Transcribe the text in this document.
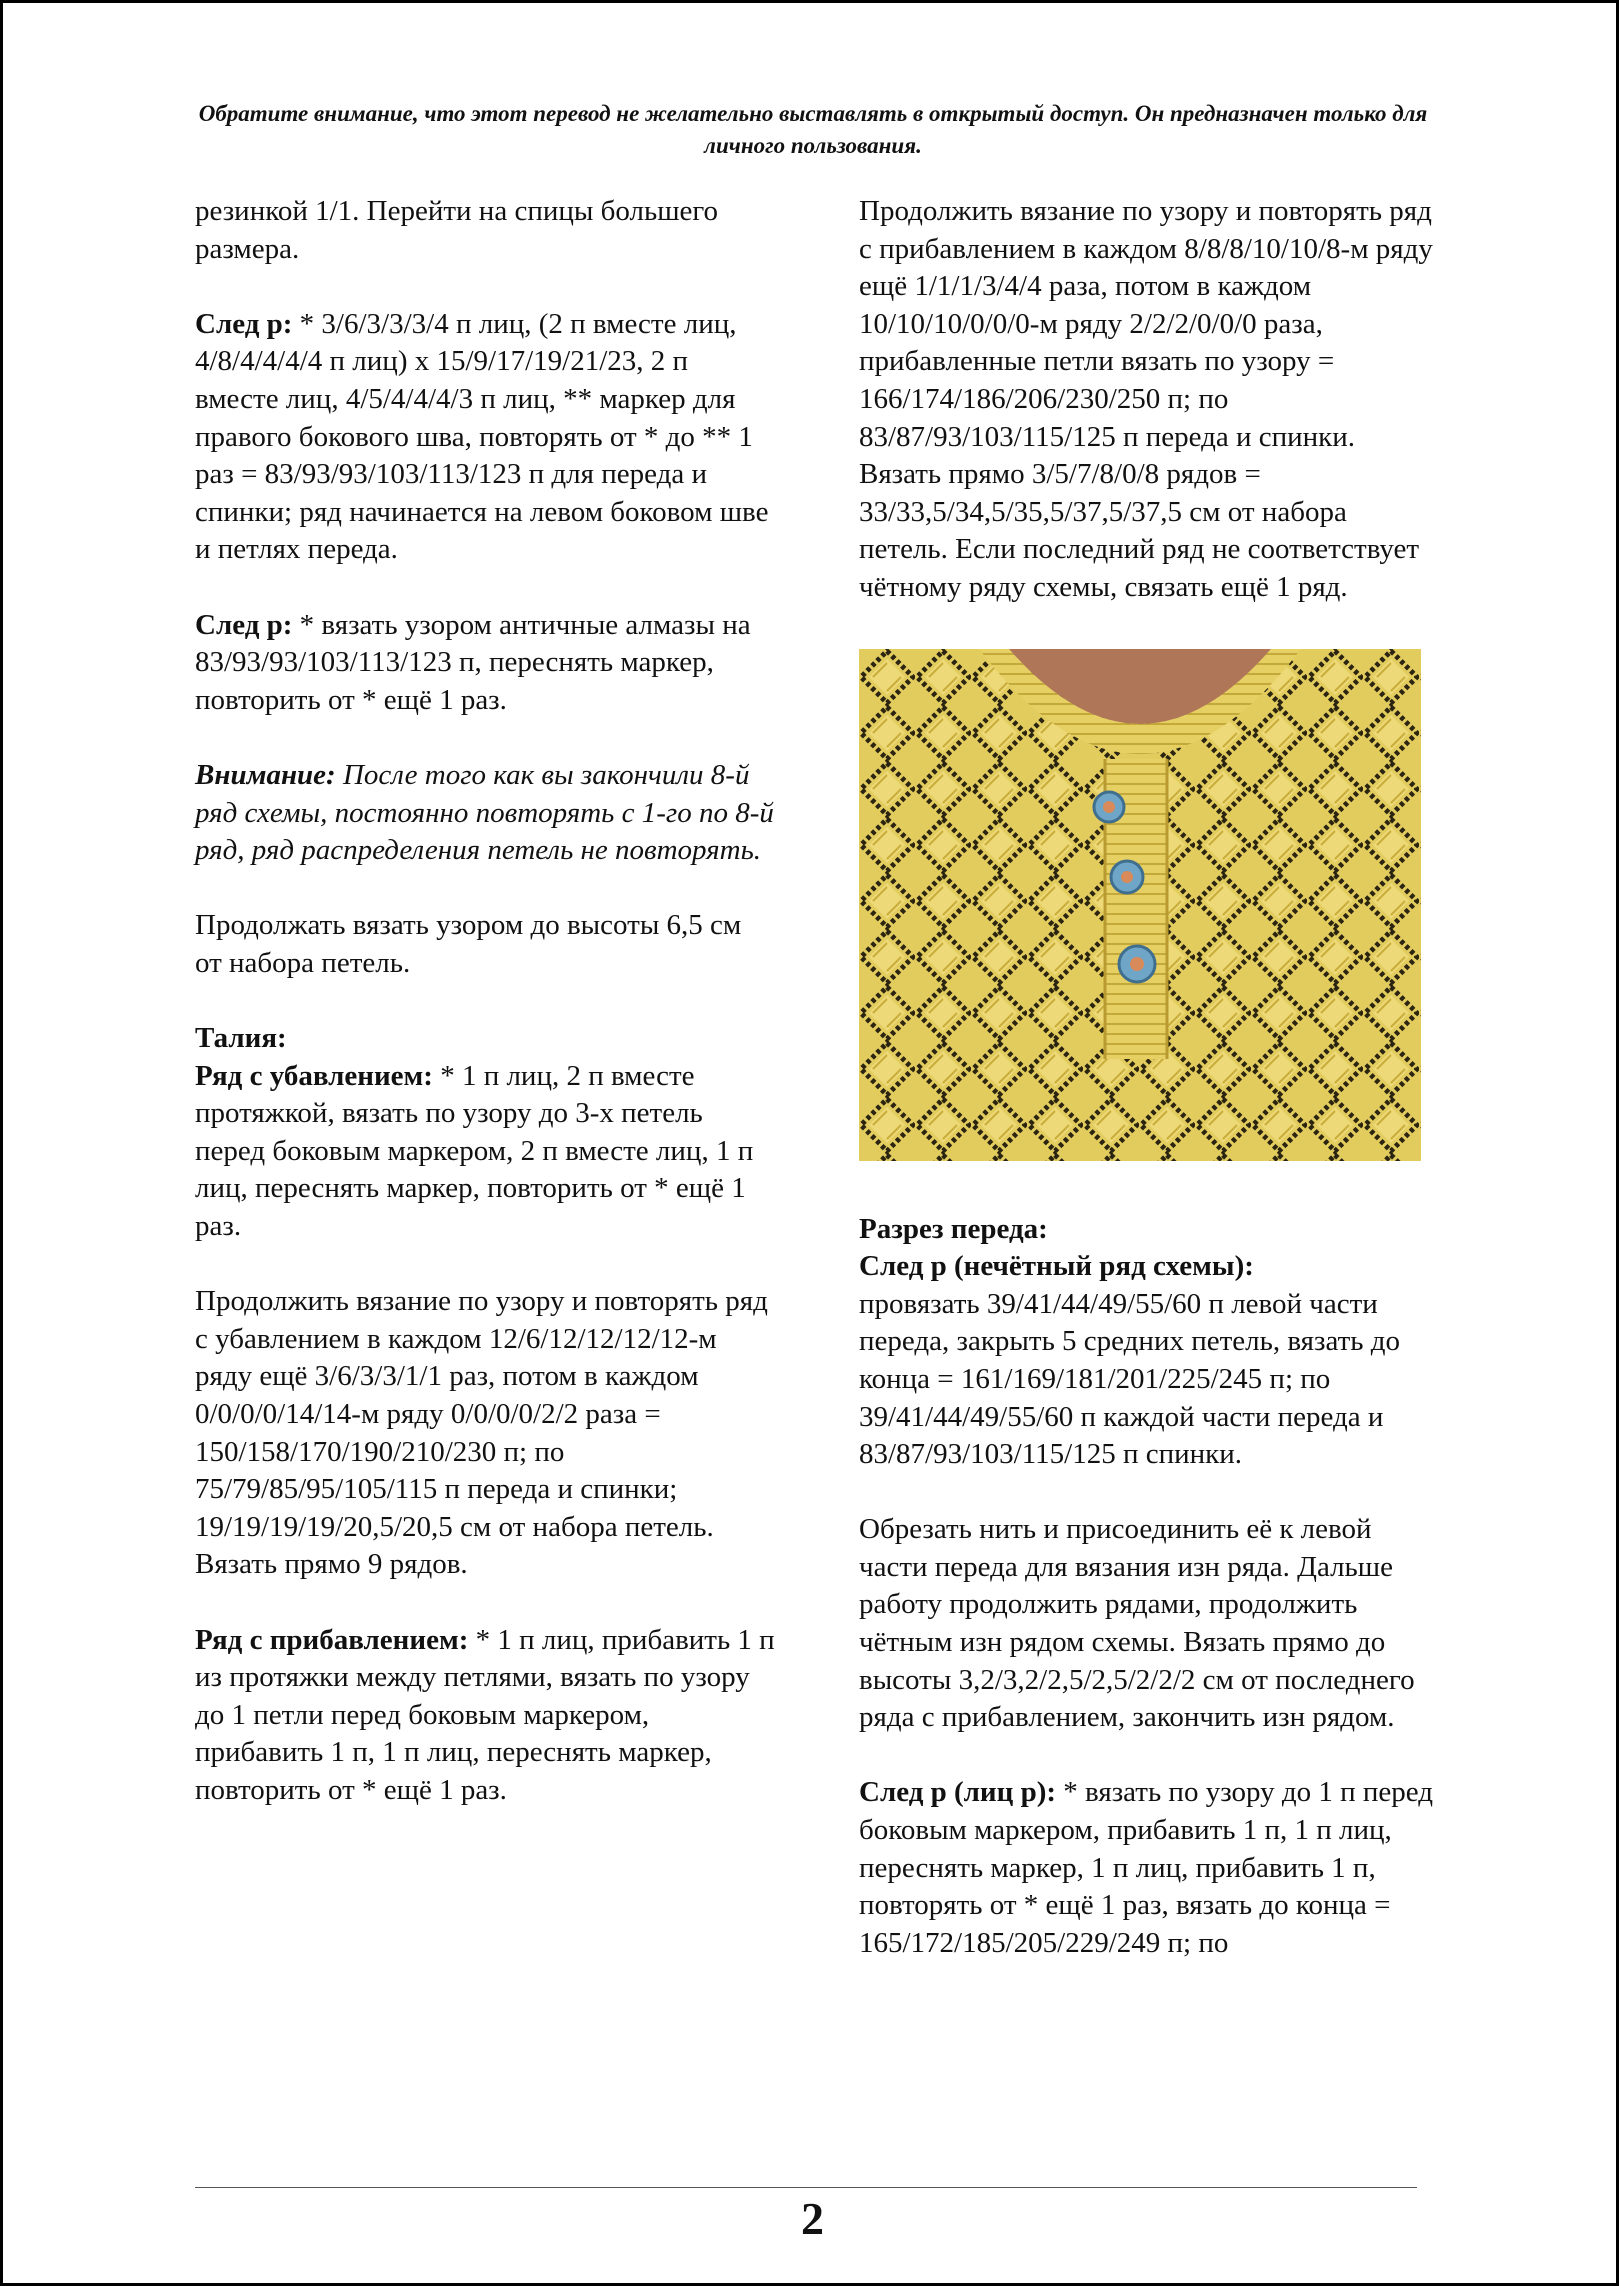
Обратите внимание, что этот перевод не желательно выставлять в открытый доступ. Он предназначен только для личного пользования.

резинкой 1/1. Перейти на спицы большего размера.

След р: * 3/6/3/3/3/4 п лиц, (2 п вместе лиц, 4/8/4/4/4/4 п лиц) x 15/9/17/19/21/23, 2 п вместе лиц, 4/5/4/4/4/3 п лиц, ** маркер для правого бокового шва, повторять от * до ** 1 раз = 83/93/93/103/113/123 п для переда и спинки; ряд начинается на левом боковом шве и петлях переда.

След р: * вязать узором античные алмазы на 83/93/93/103/113/123 п, переснять маркер, повторить от * ещё 1 раз.

Внимание: После того как вы закончили 8-й ряд схемы, постоянно повторять с 1-го по 8-й ряд, ряд распределения петель не повторять.

Продолжать вязать узором до высоты 6,5 см от набора петель.

Талия:
Ряд с убавлением: * 1 п лиц, 2 п вместе протяжкой, вязать по узору до 3-х петель перед боковым маркером, 2 п вместе лиц, 1 п лиц, переснять маркер, повторить от * ещё 1 раз.

Продолжить вязание по узору и повторять ряд с убавлением в каждом 12/6/12/12/12/12-м ряду ещё 3/6/3/3/1/1 раз, потом в каждом 0/0/0/0/14/14-м ряду 0/0/0/0/2/2 раза = 150/158/170/190/210/230 п; по 75/79/85/95/105/115 п переда и спинки; 19/19/19/19/20,5/20,5 см от набора петель.
Вязать прямо 9 рядов.

Ряд с прибавлением: * 1 п лиц, прибавить 1 п из протяжки между петлями, вязать по узору до 1 петли перед боковым маркером, прибавить 1 п, 1 п лиц, переснять маркер, повторить от * ещё 1 раз.

Продолжить вязание по узору и повторять ряд с прибавлением в каждом 8/8/8/10/10/8-м ряду ещё 1/1/1/3/4/4 раза, потом в каждом 10/10/10/0/0/0-м ряду 2/2/2/0/0/0 раза, прибавленные петли вязать по узору = 166/174/186/206/230/250 п; по 83/87/93/103/115/125 п переда и спинки. Вязать прямо 3/5/7/8/0/8 рядов = 33/33,5/34,5/35,5/37,5/37,5 см от набора петель. Если последний ряд не соответствует чётному ряду схемы, связать ещё 1 ряд.

Разрез переда:
След р (нечётный ряд схемы):
провязать 39/41/44/49/55/60 п левой части переда, закрыть 5 средних петель, вязать до конца = 161/169/181/201/225/245 п; по 39/41/44/49/55/60 п каждой части переда и 83/87/93/103/115/125 п спинки.

Обрезать нить и присоединить её к левой части переда для вязания изн ряда. Дальше работу продолжить рядами, продолжить чётным изн рядом схемы. Вязать прямо до высоты 3,2/3,2/2,5/2,5/2/2/2 см от последнего ряда с прибавлением, закончить изн рядом.

След р (лиц р): * вязать по узору до 1 п перед боковым маркером, прибавить 1 п, 1 п лиц, переснять маркер, 1 п лиц, прибавить 1 п, повторять от * ещё 1 раз, вязать до конца = 165/172/185/205/229/249 п; по

2
